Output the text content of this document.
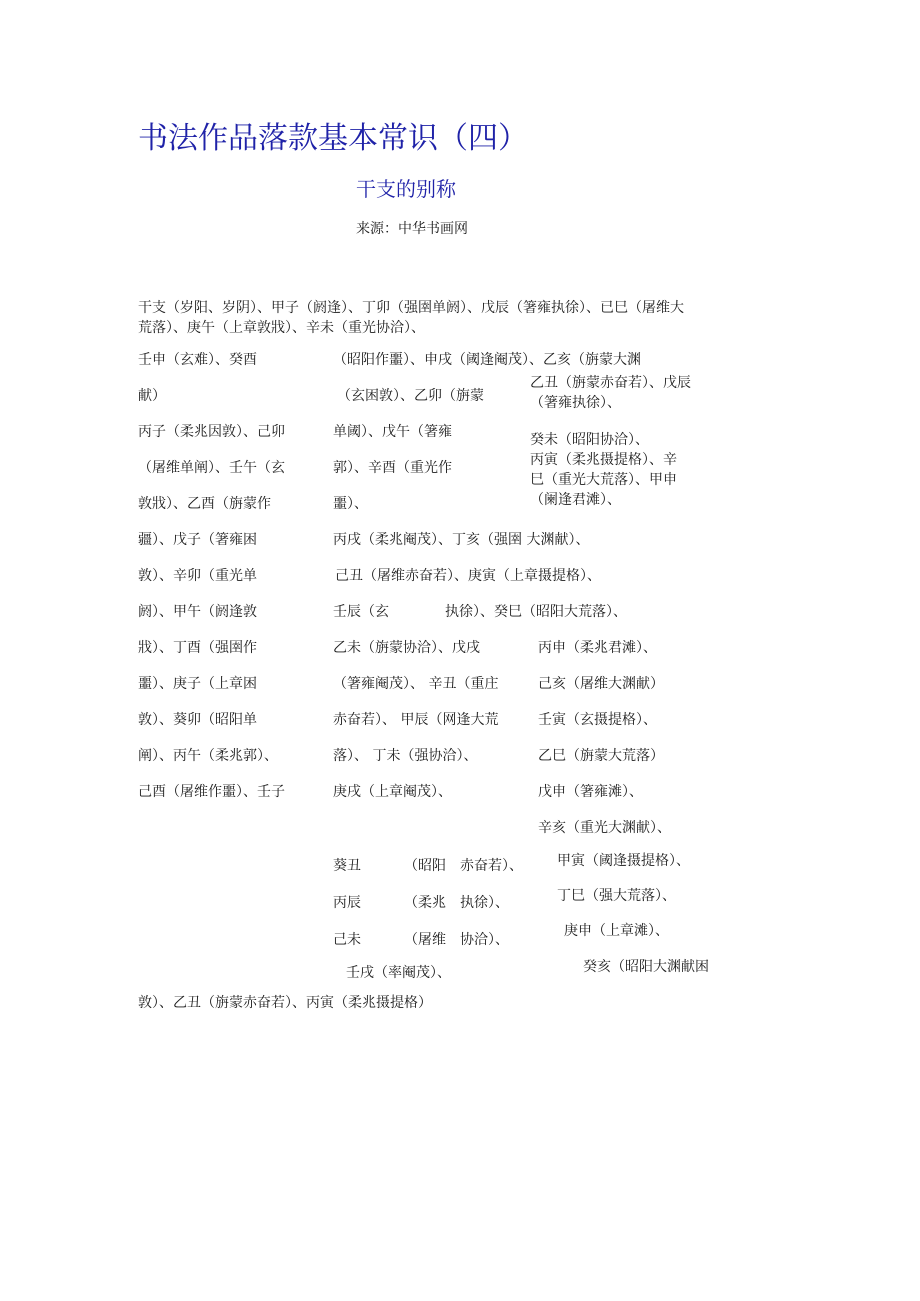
书法作品落款基本常识（四）
干支的别称
来源：中华书画网
干支（岁阳、岁阴）、甲子（阏逢）、丁卯（强圉单阏）、戊辰（箸雍执徐）、已巳（屠维大
荒落）、庚午（上章敦戕）、辛未（重光协洽）、
壬申（玄难）、癸酉
献）
丙子（柔兆因敦）、己卯
（屠维单阐）、壬午（玄
敦戕）、乙酉（旃蒙作
疆）、戊子（箸雍困
敦）、辛卯（重光单
阏）、甲午（阏逢敦
戕）、丁酉（强圉作
噩）、庚子（上章困
敦）、葵卯（昭阳单
阐）、丙午（柔兆郭）、
己酉（屠维作噩）、壬子
（昭阳作噩）、申戌（阈逢阉茂）、乙亥（旃蒙大渊
（玄困敦）、乙卯（旃蒙
单阈）、戊午（箸雍
郭）、辛酉（重光作
噩）、
丙戌（柔兆阉茂）、丁亥（强圉 大渊献）、
己丑（屠维赤奋若）、庚寅（上章摄提格）、
壬辰（玄　　　　执徐）、癸巳（昭阳大荒落）、
乙未（旃蒙协洽）、戊戌
（箸雍阉茂）、 辛丑（重庄
赤奋若）、 甲辰（网逢大荒
落）、 丁未（强协洽）、
庚戌（上章阉茂）、
乙丑（旃蒙赤奋若）、戊辰
（箸雍执徐）、
癸未（昭阳协洽）、
丙寅（柔兆摄提格）、辛
巳（重光大荒落）、甲申
（阑逢君滩）、
丙申（柔兆君滩）、
己亥（屠维大渊献）
壬寅（玄摄提格）、
乙巳（旃蒙大荒落）
戊申（箸雍滩）、
辛亥（重光大渊献）、
葵丑
丙辰
己未
（昭阳　赤奋若）、
（柔兆　执徐）、
（屠维　协洽）、
壬戌（率阉茂）、
甲寅（阈逢摄提格）、
丁巳（强大荒落）、
庚申（上章滩）、
癸亥（昭阳大渊献困
敦）、乙丑（旃蒙赤奋若）、丙寅（柔兆摄提格）
